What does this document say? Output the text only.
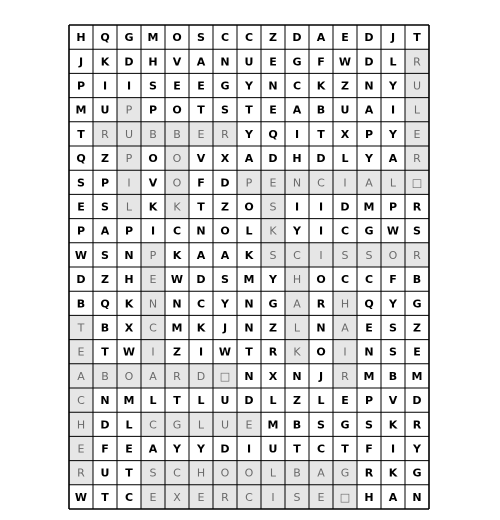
H Q G M O S C C Z D A E D J T
J K D H V A N U E G F W D L R
P I I S E E G Y N C K Z N Y U
M U P P O T S T E A B U A I L
T R U B B E R Y Q I T X P Y E
Q Z P O O V X A D H D L Y A R
S P I V O F D P E N C I A L □
E S L K K T Z O S I I D M P R
P A P I C N O L K Y I C G W S
W S N P K A A K S C I S S O R
D Z H E W D S M Y H O C C F B
B Q K N N C Y N G A R H Q Y G
T B X C M K J N Z L N A E S Z
E T W I Z I W T R K O I N S E
A B O A R D □ N X N J R M B M
C N M L T L U D L Z L E P V D
H D L C G L U E M B S G S K R
E F E A Y Y D I U T C T F I Y
R U T S C H O O L B A G R K G
W T C E X E R C I S E □ H A N
